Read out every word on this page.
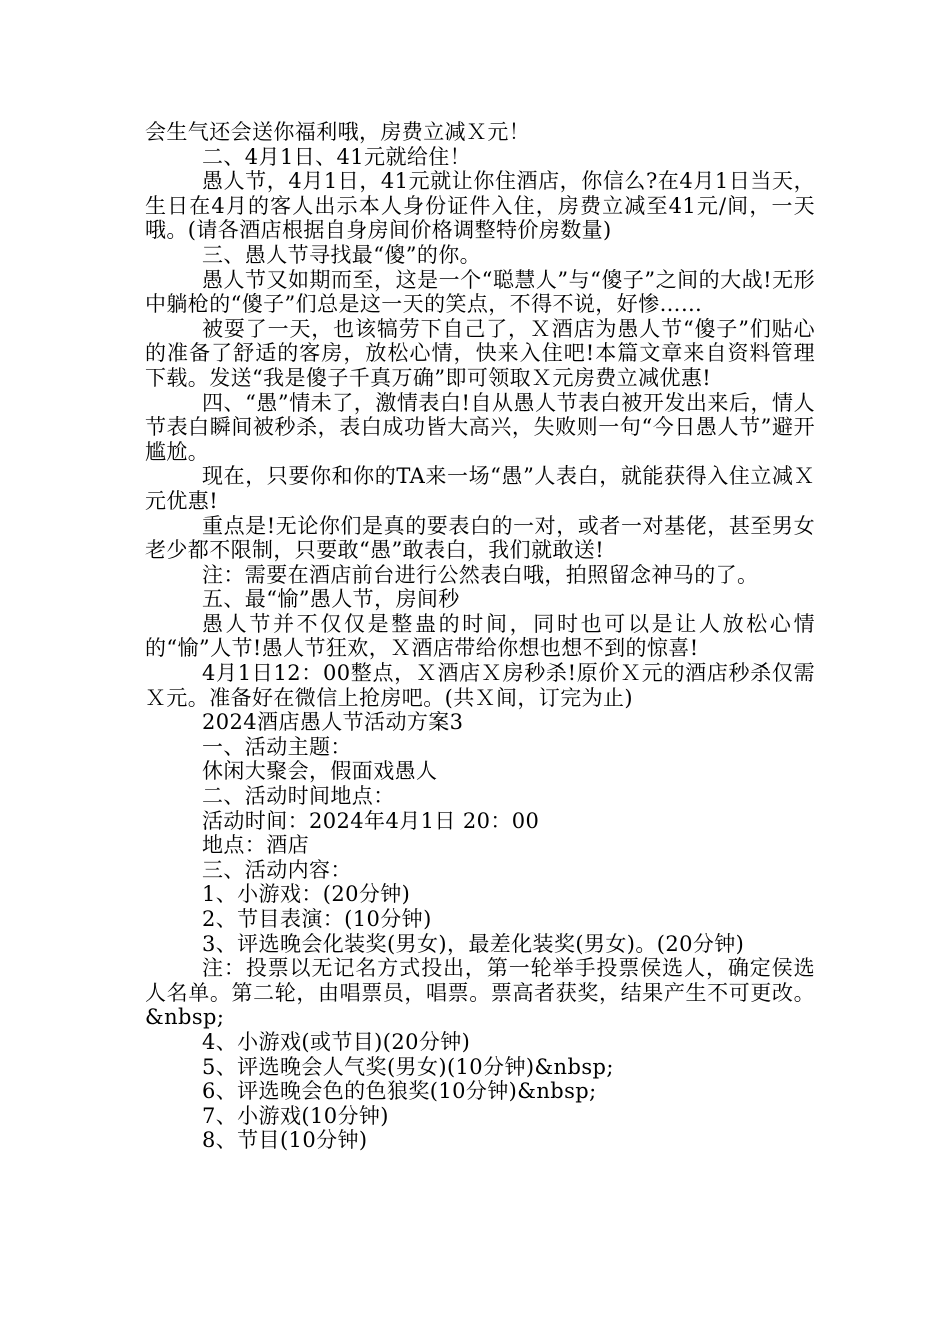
会生气还会送你福利哦，房费立减Ｘ元！

二、4月1日、41元就给住！

愚人节，4月1日，41元就让你住酒店，你信么?在4月1日当天，生日在4月的客人出示本人身份证件入住，房费立减至41元/间，一天哦。(请各酒店根据自身房间价格调整特价房数量)

三、愚人节寻找最“傻”的你。

愚人节又如期而至，这是一个“聪慧人”与“傻子”之间的大战!无形中躺枪的“傻子”们总是这一天的笑点，不得不说，好惨……

被耍了一天，也该犒劳下自己了，Ｘ酒店为愚人节“傻子”们贴心的准备了舒适的客房，放松心情，快来入住吧!本篇文章来自资料管理下载。发送“我是傻子千真万确”即可领取Ｘ元房费立减优惠!

四、“愚”情未了，激情表白!自从愚人节表白被开发出来后，情人节表白瞬间被秒杀，表白成功皆大高兴，失败则一句“今日愚人节”避开尴尬。

现在，只要你和你的TA来一场“愚”人表白，就能获得入住立减Ｘ元优惠!

重点是!无论你们是真的要表白的一对，或者一对基佬，甚至男女老少都不限制，只要敢“愚”敢表白，我们就敢送!

注：需要在酒店前台进行公然表白哦，拍照留念神马的了。

五、最“愉”愚人节，房间秒

愚人节并不仅仅是整蛊的时间，同时也可以是让人放松心情的“愉”人节!愚人节狂欢，Ｘ酒店带给你想也想不到的惊喜!

4月1日12：00整点，Ｘ酒店Ｘ房秒杀!原价Ｘ元的酒店秒杀仅需Ｘ元。准备好在微信上抢房吧。(共Ｘ间，订完为止)

2024酒店愚人节活动方案3

一、活动主题：

休闲大聚会，假面戏愚人

二、活动时间地点：

活动时间：2024年4月1日 20：00

地点：酒店

三、活动内容：

1、小游戏：(20分钟)

2、节目表演：(10分钟)

3、评选晚会化装奖(男女)，最差化装奖(男女)。(20分钟)

注：投票以无记名方式投出，第一轮举手投票侯选人，确定侯选人名单。第二轮，由唱票员，唱票。票高者获奖，结果产生不可更改。&nbsp;

4、小游戏(或节目)(20分钟)

5、评选晚会人气奖(男女)(10分钟)&nbsp;

6、评选晚会色的色狼奖(10分钟)&nbsp;

7、小游戏(10分钟)

8、节目(10分钟)
